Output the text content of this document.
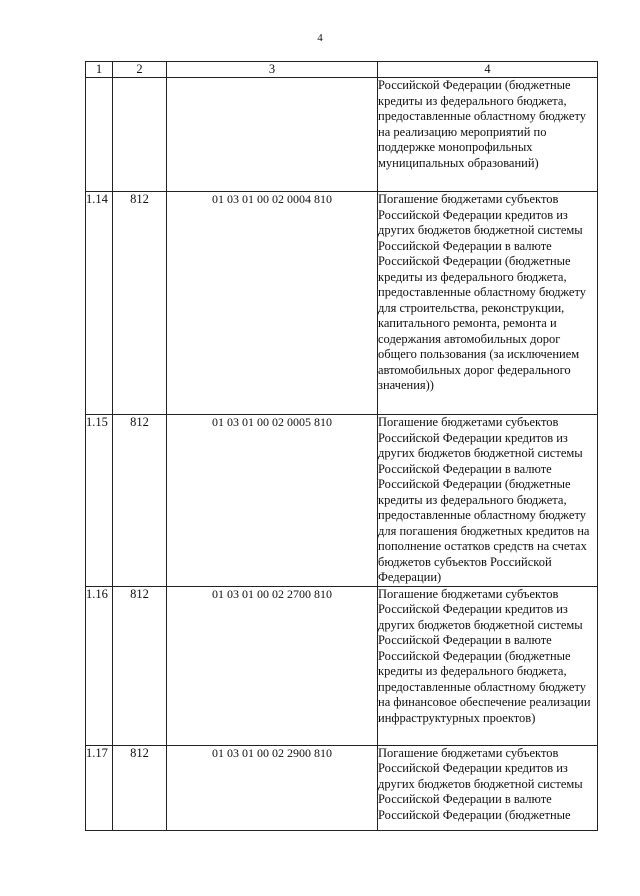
4
1	2	3	4
			Российской Федерации (бюджетные кредиты из федерального бюджета, предоставленные областному бюджету на реализацию мероприятий по поддержке монопрофильных муниципальных образований)
1.14	812	01 03 01 00 02 0004 810	Погашение бюджетами субъектов Российской Федерации кредитов из других бюджетов бюджетной системы Российской Федерации в валюте Российской Федерации (бюджетные кредиты из федерального бюджета, предоставленные областному бюджету для строительства, реконструкции, капитального ремонта, ремонта и содержания автомобильных дорог общего пользования (за исключением автомобильных дорог федерального значения))
1.15	812	01 03 01 00 02 0005 810	Погашение бюджетами субъектов Российской Федерации кредитов из других бюджетов бюджетной системы Российской Федерации в валюте Российской Федерации (бюджетные кредиты из федерального бюджета, предоставленные областному бюджету для погашения бюджетных кредитов на пополнение остатков средств на счетах бюджетов субъектов Российской Федерации)
1.16	812	01 03 01 00 02 2700 810	Погашение бюджетами субъектов Российской Федерации кредитов из других бюджетов бюджетной системы Российской Федерации в валюте Российской Федерации (бюджетные кредиты из федерального бюджета, предоставленные областному бюджету на финансовое обеспечение реализации инфраструктурных проектов)
1.17	812	01 03 01 00 02 2900 810	Погашение бюджетами субъектов Российской Федерации кредитов из других бюджетов бюджетной системы Российской Федерации в валюте Российской Федерации (бюджетные
